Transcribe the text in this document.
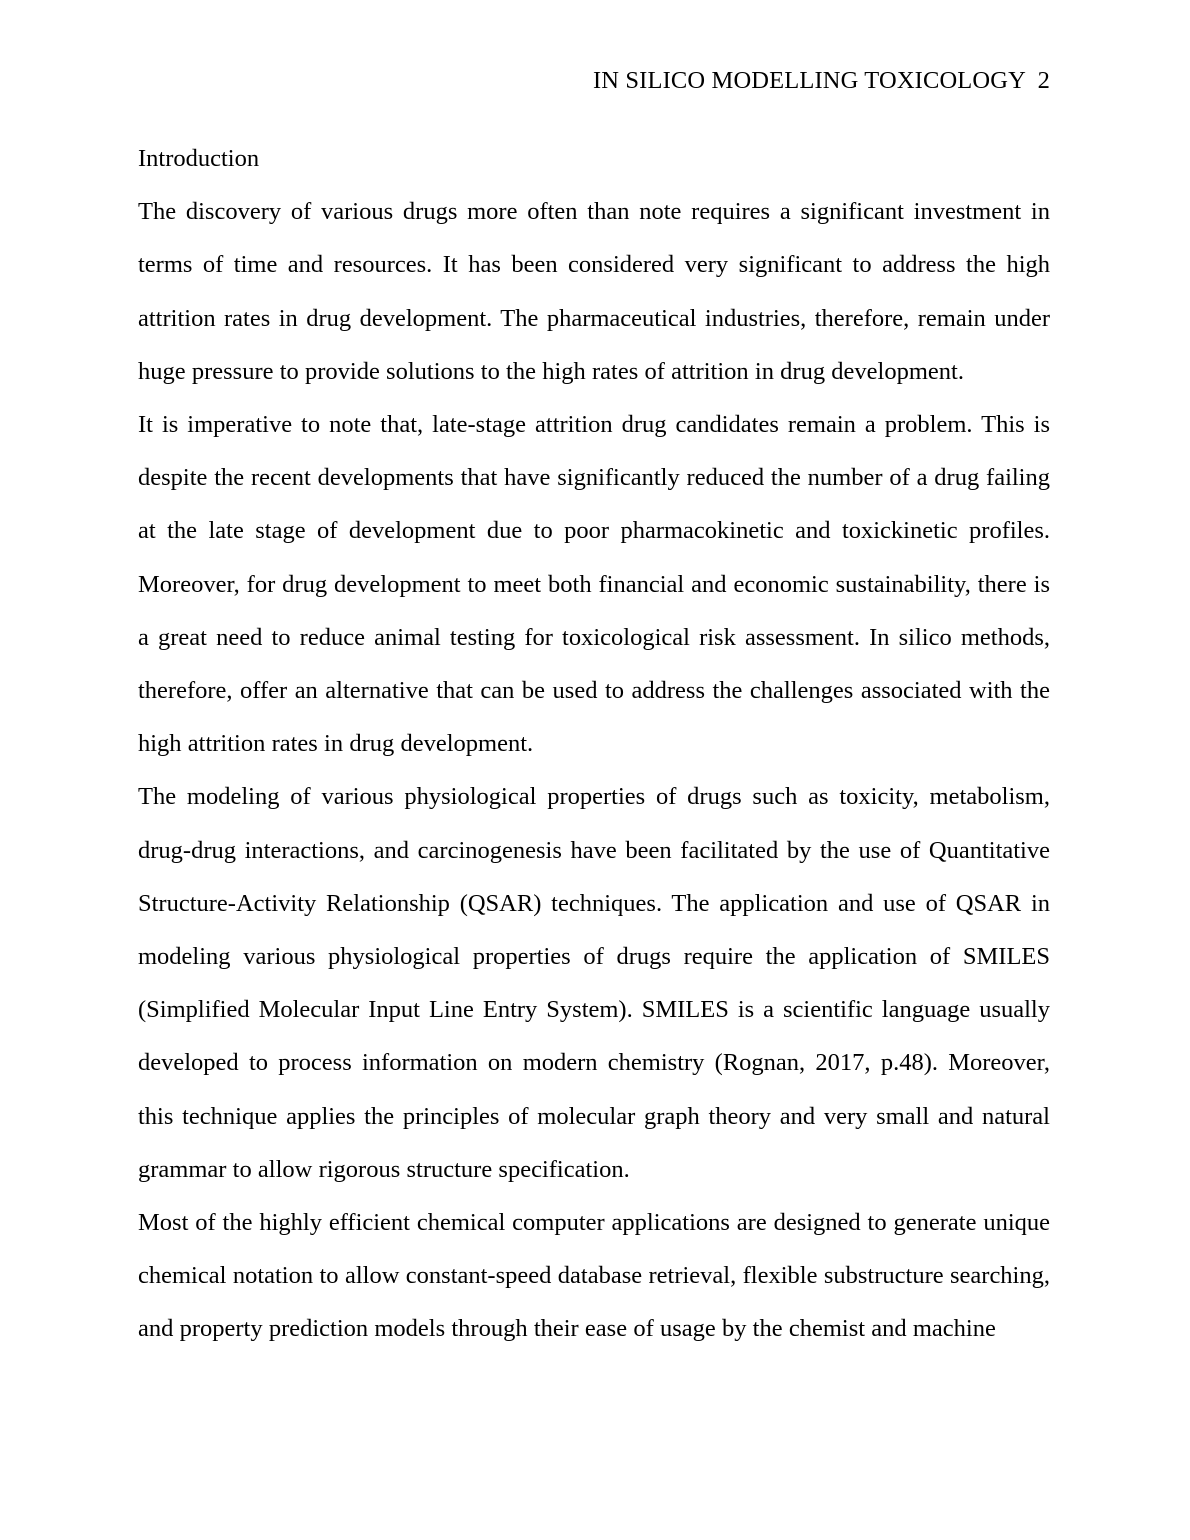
IN SILICO MODELLING TOXICOLOGY  2

Introduction

The discovery of various drugs more often than note requires a significant investment in terms of time and resources. It has been considered very significant to address the high attrition rates in drug development. The pharmaceutical industries, therefore, remain under huge pressure to provide solutions to the high rates of attrition in drug development.

It is imperative to note that, late-stage attrition drug candidates remain a problem. This is despite the recent developments that have significantly reduced the number of a drug failing at the late stage of development due to poor pharmacokinetic and toxickinetic profiles. Moreover, for drug development to meet both financial and economic sustainability, there is a great need to reduce animal testing for toxicological risk assessment. In silico methods, therefore, offer an alternative that can be used to address the challenges associated with the high attrition rates in drug development.

The modeling of various physiological properties of drugs such as toxicity, metabolism, drug-drug interactions, and carcinogenesis have been facilitated by the use of Quantitative Structure-Activity Relationship (QSAR) techniques. The application and use of QSAR in modeling various physiological properties of drugs require the application of SMILES (Simplified Molecular Input Line Entry System). SMILES is a scientific language usually developed to process information on modern chemistry (Rognan, 2017, p.48). Moreover, this technique applies the principles of molecular graph theory and very small and natural grammar to allow rigorous structure specification.

Most of the highly efficient chemical computer applications are designed to generate unique chemical notation to allow constant-speed database retrieval, flexible substructure searching, and property prediction models through their ease of usage by the chemist and machine
